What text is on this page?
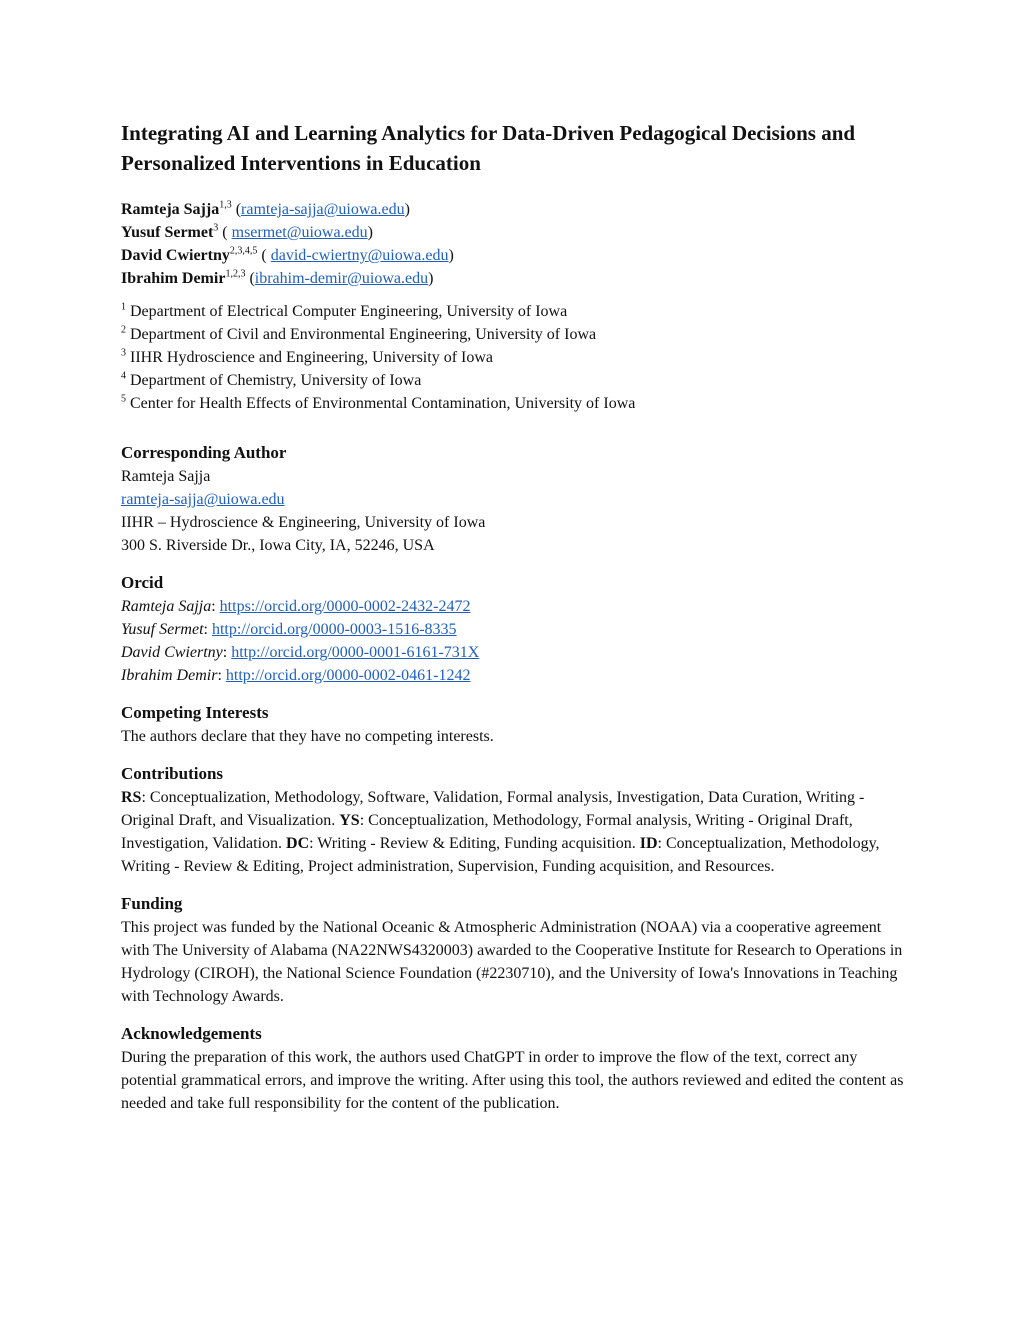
Integrating AI and Learning Analytics for Data-Driven Pedagogical Decisions and Personalized Interventions in Education
Ramteja Sajja$^{1,3}$ (ramteja-sajja@uiowa.edu)
Yusuf Sermet$^3$ ( msermet@uiowa.edu)
David Cwiertny$^{2,3,4,5}$ ( david-cwiertny@uiowa.edu)
Ibrahim Demir$^{1,2,3}$ (ibrahim-demir@uiowa.edu)
$^1$ Department of Electrical Computer Engineering, University of Iowa
$^2$ Department of Civil and Environmental Engineering, University of Iowa
$^3$ IIHR Hydroscience and Engineering, University of Iowa
$^4$ Department of Chemistry, University of Iowa
$^5$ Center for Health Effects of Environmental Contamination, University of Iowa
Corresponding Author
Ramteja Sajja
ramteja-sajja@uiowa.edu
IIHR – Hydroscience & Engineering, University of Iowa
300 S. Riverside Dr., Iowa City, IA, 52246, USA
Orcid
Ramteja Sajja: https://orcid.org/0000-0002-2432-2472
Yusuf Sermet: http://orcid.org/0000-0003-1516-8335
David Cwiertny: http://orcid.org/0000-0001-6161-731X
Ibrahim Demir: http://orcid.org/0000-0002-0461-1242
Competing Interests
The authors declare that they have no competing interests.
Contributions
RS: Conceptualization, Methodology, Software, Validation, Formal analysis, Investigation, Data Curation, Writing - Original Draft, and Visualization. YS: Conceptualization, Methodology, Formal analysis, Writing - Original Draft, Investigation, Validation. DC: Writing - Review & Editing, Funding acquisition. ID: Conceptualization, Methodology, Writing - Review & Editing, Project administration, Supervision, Funding acquisition, and Resources.
Funding
This project was funded by the National Oceanic & Atmospheric Administration (NOAA) via a cooperative agreement with The University of Alabama (NA22NWS4320003) awarded to the Cooperative Institute for Research to Operations in Hydrology (CIROH), the National Science Foundation (#2230710), and the University of Iowa's Innovations in Teaching with Technology Awards.
Acknowledgements
During the preparation of this work, the authors used ChatGPT in order to improve the flow of the text, correct any potential grammatical errors, and improve the writing. After using this tool, the authors reviewed and edited the content as needed and take full responsibility for the content of the publication.
